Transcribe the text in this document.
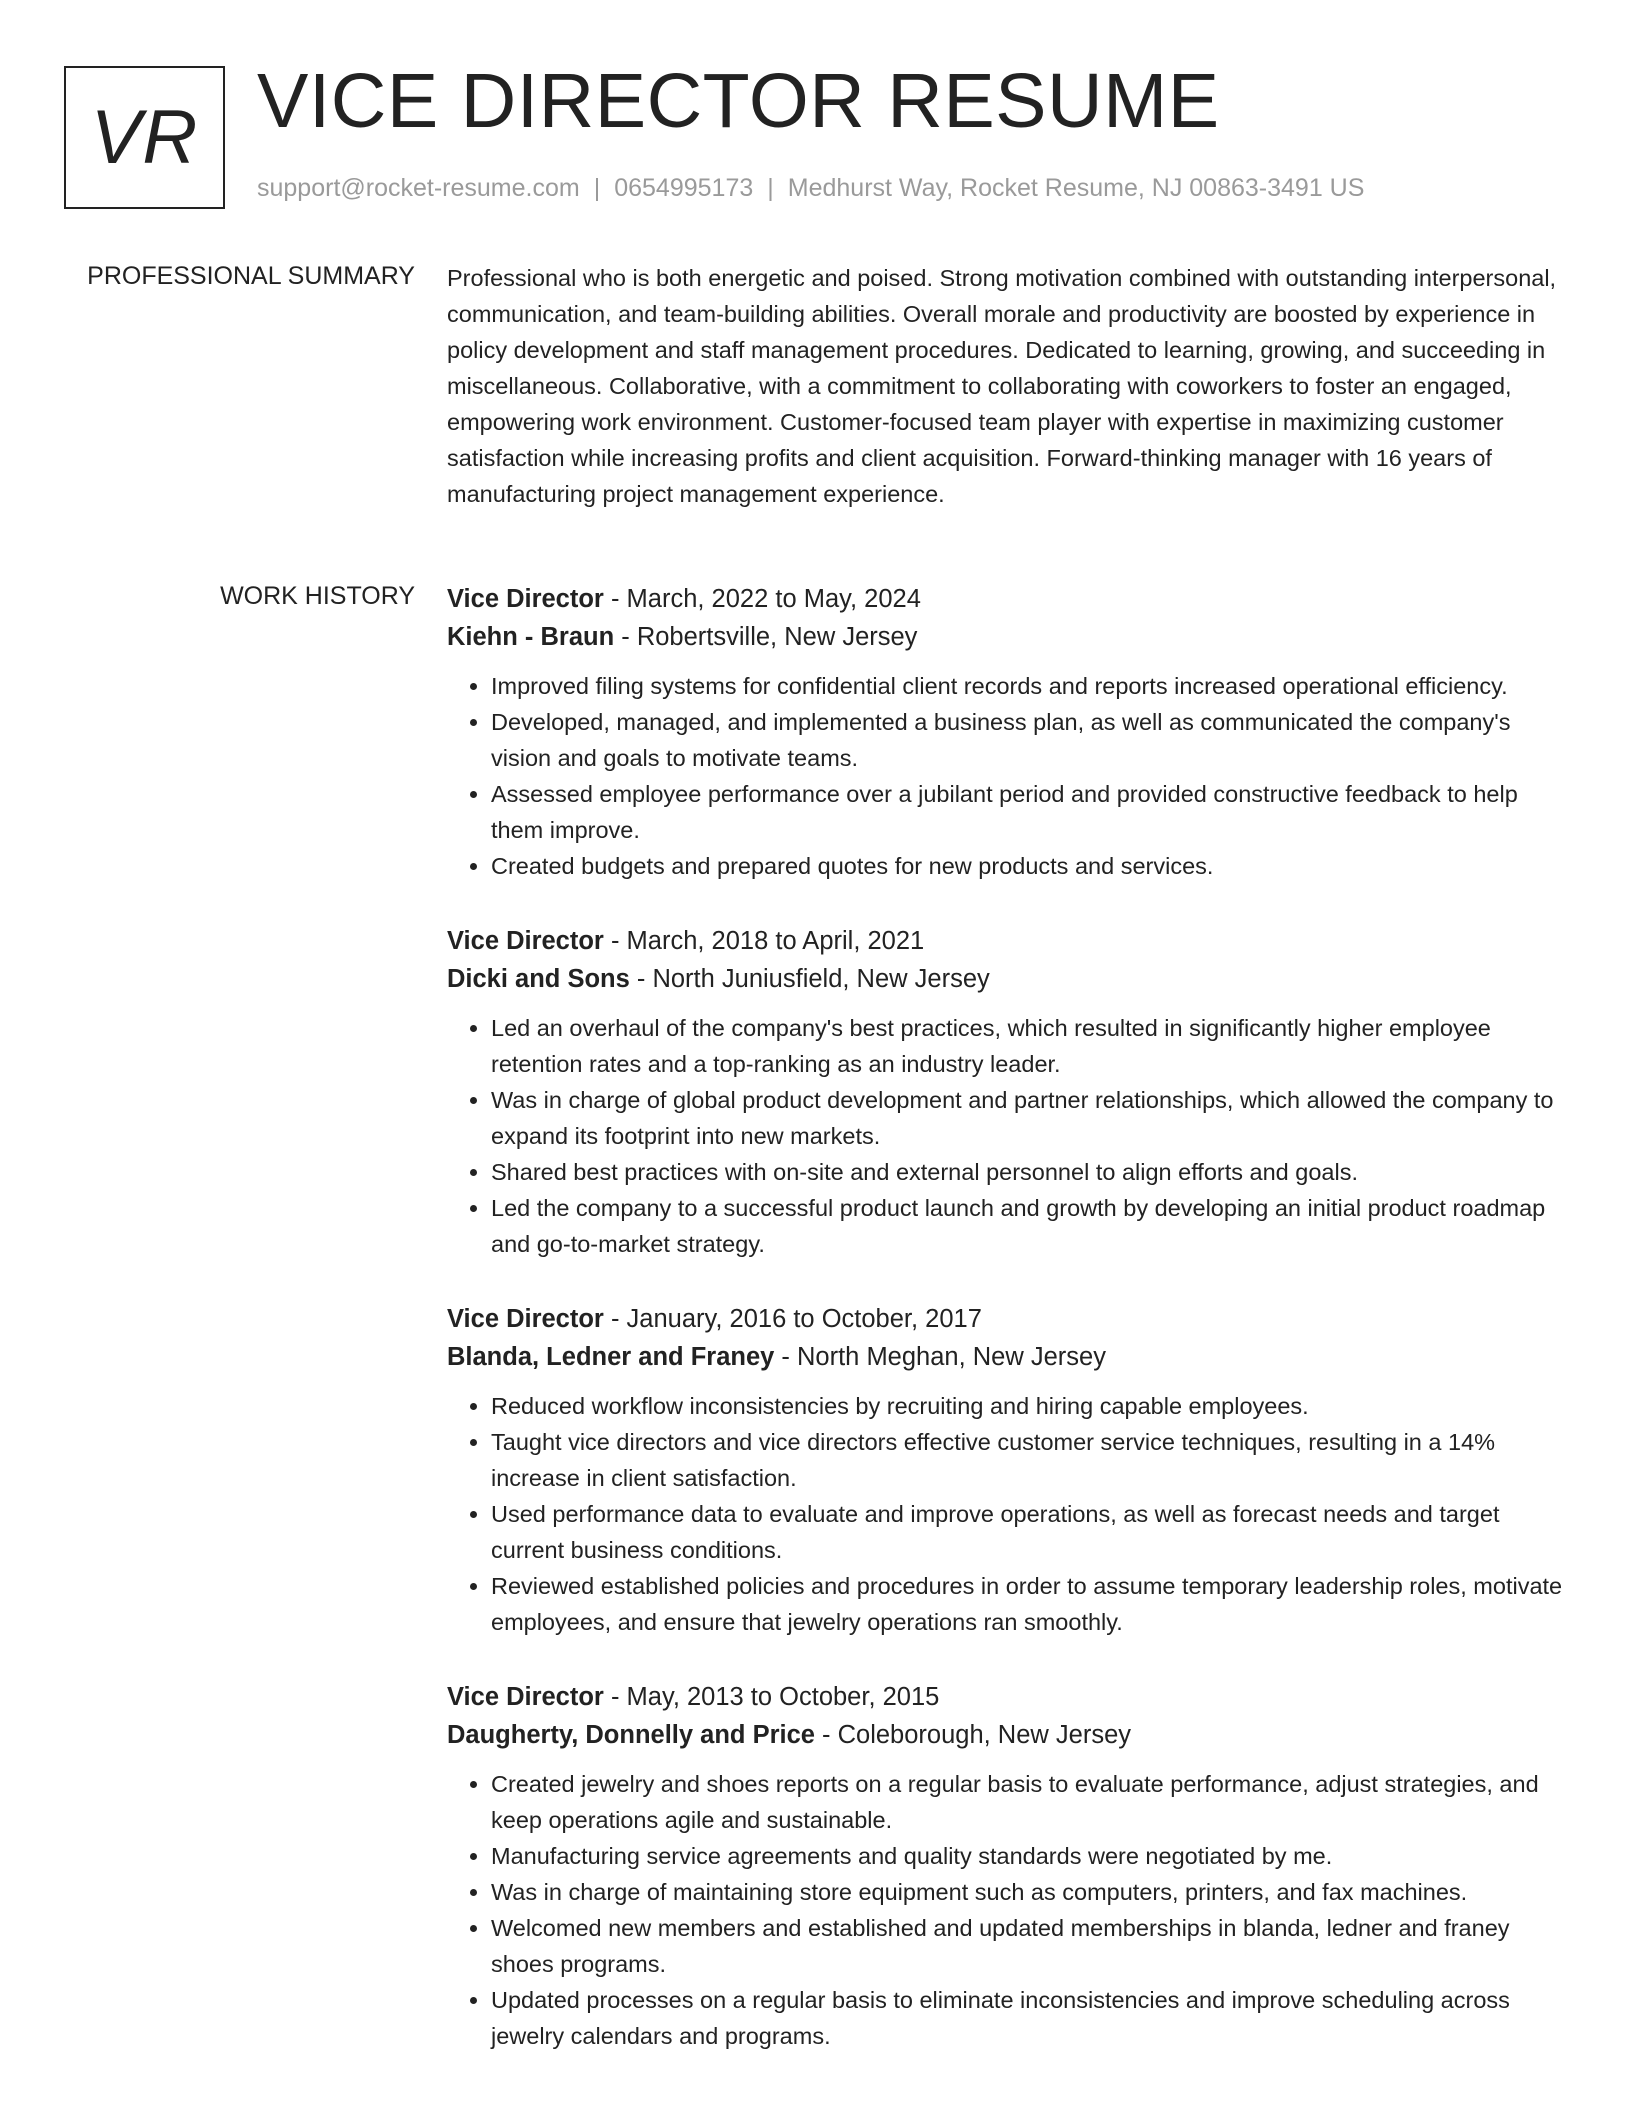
VR VICE DIRECTOR RESUME
support@rocket-resume.com | 0654995173 | Medhurst Way, Rocket Resume, NJ 00863-3491 US
PROFESSIONAL SUMMARY Professional who is both energetic and poised. Strong motivation combined with outstanding interpersonal, communication, and team-building abilities. Overall morale and productivity are boosted by experience in policy development and staff management procedures. Dedicated to learning, growing, and succeeding in miscellaneous. Collaborative, with a commitment to collaborating with coworkers to foster an engaged, empowering work environment. Customer-focused team player with expertise in maximizing customer satisfaction while increasing profits and client acquisition. Forward-thinking manager with 16 years of manufacturing project management experience.
WORK HISTORY Vice Director - March, 2022 to May, 2024
Kiehn - Braun - Robertsville, New Jersey
• Improved filing systems for confidential client records and reports increased operational efficiency.
• Developed, managed, and implemented a business plan, as well as communicated the company's vision and goals to motivate teams.
• Assessed employee performance over a jubilant period and provided constructive feedback to help them improve.
• Created budgets and prepared quotes for new products and services.
Vice Director - March, 2018 to April, 2021
Dicki and Sons - North Juniusfield, New Jersey
• Led an overhaul of the company's best practices, which resulted in significantly higher employee retention rates and a top-ranking as an industry leader.
• Was in charge of global product development and partner relationships, which allowed the company to expand its footprint into new markets.
• Shared best practices with on-site and external personnel to align efforts and goals.
• Led the company to a successful product launch and growth by developing an initial product roadmap and go-to-market strategy.
Vice Director - January, 2016 to October, 2017
Blanda, Ledner and Franey - North Meghan, New Jersey
• Reduced workflow inconsistencies by recruiting and hiring capable employees.
• Taught vice directors and vice directors effective customer service techniques, resulting in a 14% increase in client satisfaction.
• Used performance data to evaluate and improve operations, as well as forecast needs and target current business conditions.
• Reviewed established policies and procedures in order to assume temporary leadership roles, motivate employees, and ensure that jewelry operations ran smoothly.
Vice Director - May, 2013 to October, 2015
Daugherty, Donnelly and Price - Coleborough, New Jersey
• Created jewelry and shoes reports on a regular basis to evaluate performance, adjust strategies, and keep operations agile and sustainable.
• Manufacturing service agreements and quality standards were negotiated by me.
• Was in charge of maintaining store equipment such as computers, printers, and fax machines.
• Welcomed new members and established and updated memberships in blanda, ledner and franey shoes programs.
• Updated processes on a regular basis to eliminate inconsistencies and improve scheduling across jewelry calendars and programs.
